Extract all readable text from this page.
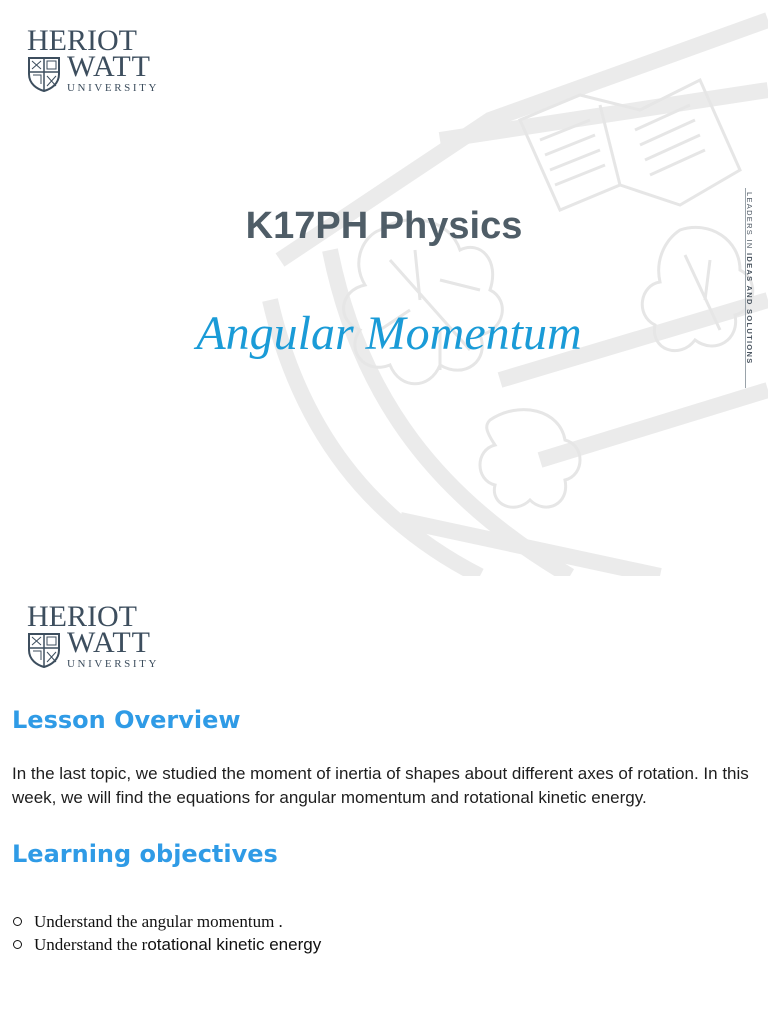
HERIOT
WATT
UNIVERSITY
K17PH Physics
Angular Momentum
LEADERS IN IDEAS AND SOLUTIONS
HERIOT
WATT
UNIVERSITY
Lesson Overview
In the last topic, we studied the moment of inertia of shapes about different axes of rotation. In this week, we will find the equations for angular momentum and rotational kinetic energy.
Learning objectives
Understand the angular momentum .
Understand the rotational kinetic energy
